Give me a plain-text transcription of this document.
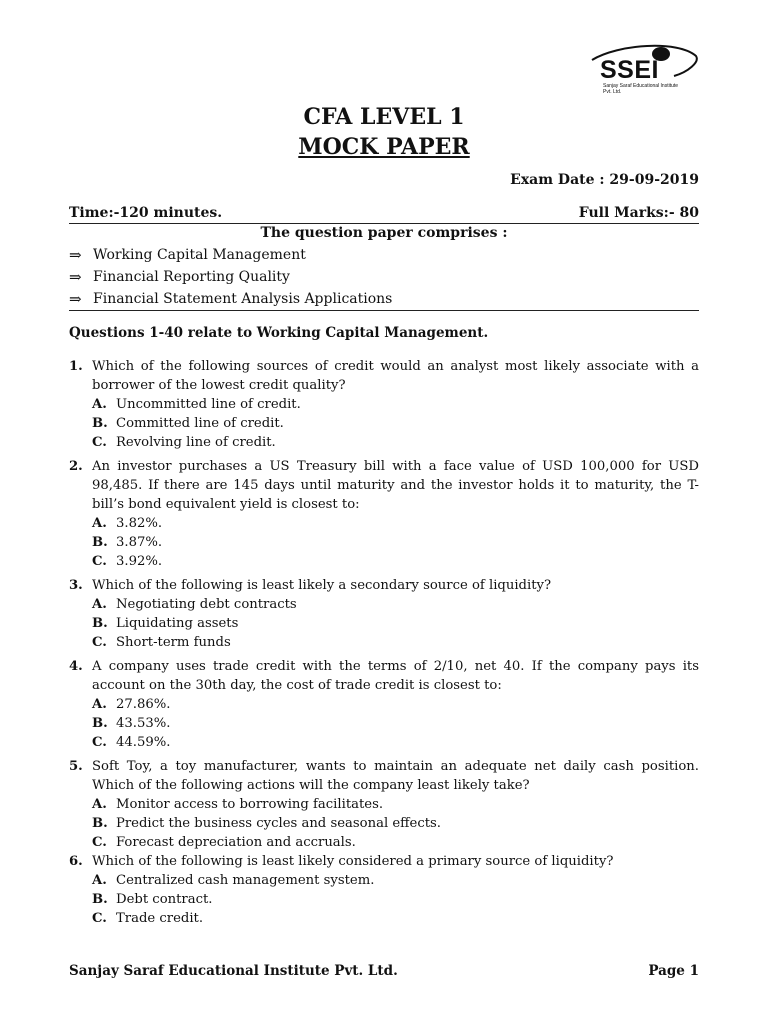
SSEI
Sanjay Saraf Educational Institute Pvt. Ltd.
CFA LEVEL 1
MOCK PAPER
Exam Date : 29-09-2019
Time:-120 minutes.	Full Marks:- 80
The question paper comprises :
⇒ Working Capital Management
⇒ Financial Reporting Quality
⇒ Financial Statement Analysis Applications
Questions 1-40 relate to Working Capital Management.
1. Which of the following sources of credit would an analyst most likely associate with a borrower of the lowest credit quality?
A. Uncommitted line of credit.
B. Committed line of credit.
C. Revolving line of credit.
2. An investor purchases a US Treasury bill with a face value of USD 100,000 for USD 98,485. If there are 145 days until maturity and the investor holds it to maturity, the T-bill’s bond equivalent yield is closest to:
A. 3.82%.
B. 3.87%.
C. 3.92%.
3. Which of the following is least likely a secondary source of liquidity?
A. Negotiating debt contracts
B. Liquidating assets
C. Short-term funds
4. A company uses trade credit with the terms of 2/10, net 40. If the company pays its account on the 30th day, the cost of trade credit is closest to:
A. 27.86%.
B. 43.53%.
C. 44.59%.
5. Soft Toy, a toy manufacturer, wants to maintain an adequate net daily cash position. Which of the following actions will the company least likely take?
A. Monitor access to borrowing facilitates.
B. Predict the business cycles and seasonal effects.
C. Forecast depreciation and accruals.
6. Which of the following is least likely considered a primary source of liquidity?
A. Centralized cash management system.
B. Debt contract.
C. Trade credit.
Sanjay Saraf Educational Institute Pvt. Ltd.	Page 1
